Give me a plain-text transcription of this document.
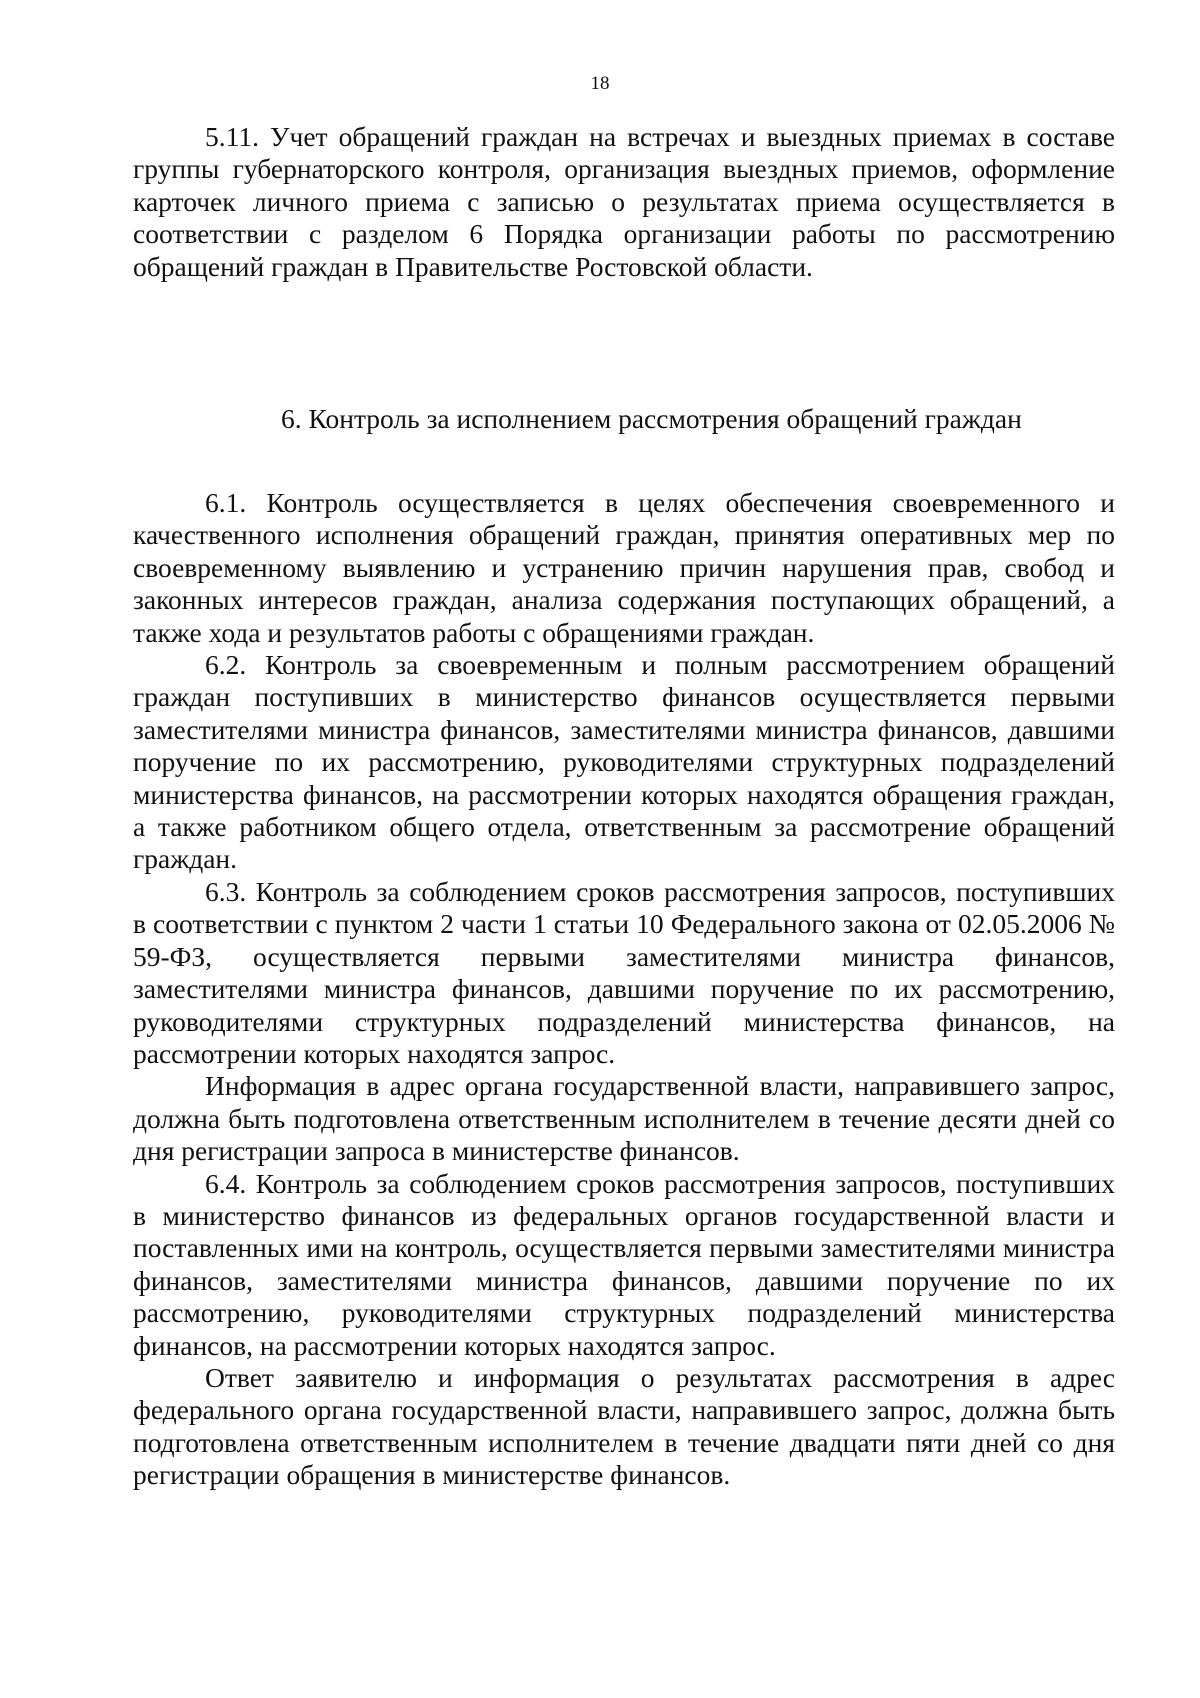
18

5.11. Учет обращений граждан на встречах и выездных приемах в составе группы губернаторского контроля, организация выездных приемов, оформление карточек личного приема с записью о результатах приема осуществляется в соответствии с разделом 6 Порядка организации работы по рассмотрению обращений граждан в Правительстве Ростовской области.

6. Контроль за исполнением рассмотрения обращений граждан

6.1. Контроль осуществляется в целях обеспечения своевременного и качественного исполнения обращений граждан, принятия оперативных мер по своевременному выявлению и устранению причин нарушения прав, свобод и законных интересов граждан, анализа содержания поступающих обращений, а также хода и результатов работы с обращениями граждан.

6.2. Контроль за своевременным и полным рассмотрением обращений граждан поступивших в министерство финансов осуществляется первыми заместителями министра финансов, заместителями министра финансов, давшими поручение по их рассмотрению, руководителями структурных подразделений министерства финансов, на рассмотрении которых находятся обращения граждан, а также работником общего отдела, ответственным за рассмотрение обращений граждан.

6.3. Контроль за соблюдением сроков рассмотрения запросов, поступивших в соответствии с пунктом 2 части 1 статьи 10 Федерального закона от 02.05.2006 № 59-ФЗ, осуществляется первыми заместителями министра финансов, заместителями министра финансов, давшими поручение по их рассмотрению, руководителями структурных подразделений министерства финансов, на рассмотрении которых находятся запрос.

Информация в адрес органа государственной власти, направившего запрос, должна быть подготовлена ответственным исполнителем в течение десяти дней со дня регистрации запроса в министерстве финансов.

6.4. Контроль за соблюдением сроков рассмотрения запросов, поступивших в министерство финансов из федеральных органов государственной власти и поставленных ими на контроль, осуществляется первыми заместителями министра финансов, заместителями министра финансов, давшими поручение по их рассмотрению, руководителями структурных подразделений министерства финансов, на рассмотрении которых находятся запрос.

Ответ заявителю и информация о результатах рассмотрения в адрес федерального органа государственной власти, направившего запрос, должна быть подготовлена ответственным исполнителем в течение двадцати пяти дней со дня регистрации обращения в министерстве финансов.
